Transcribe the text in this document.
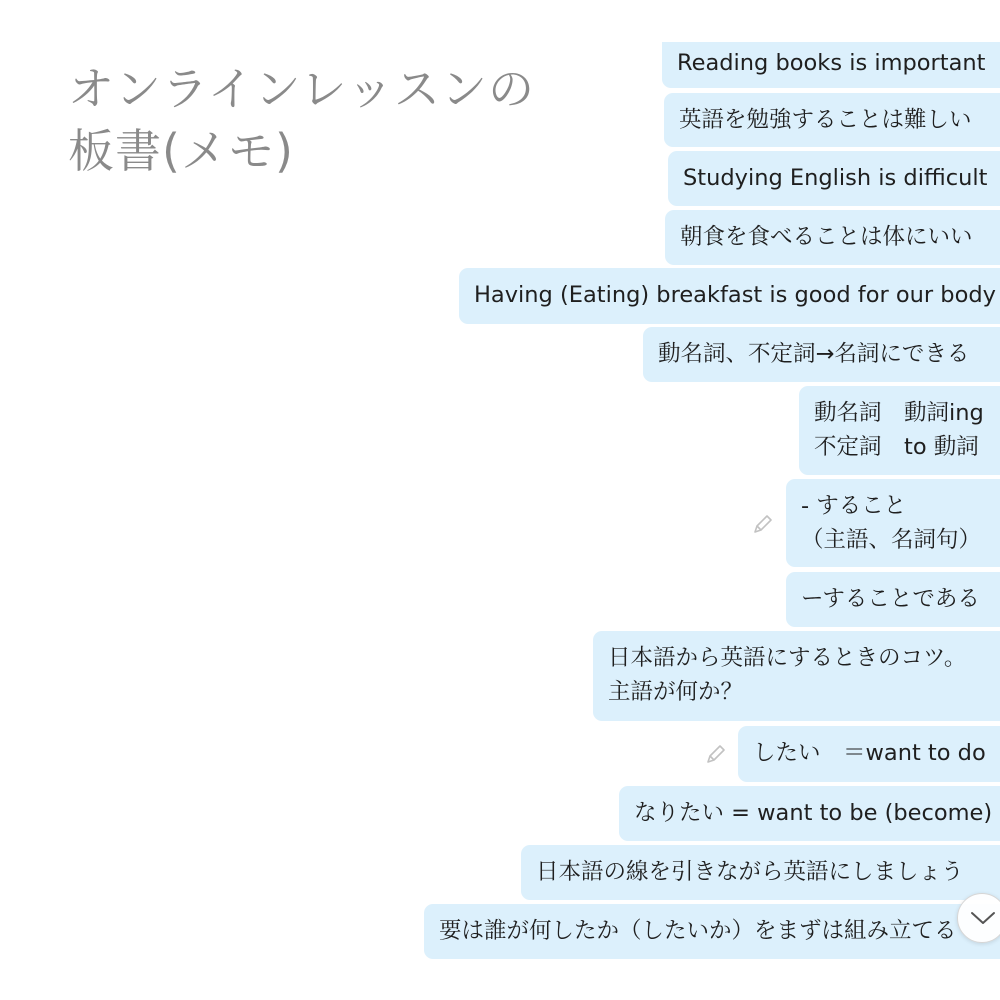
オンラインレッスンの
板書(メモ)
Reading books is important
英語を勉強することは難しい
Studying English is difficult
朝食を食べることは体にいい
Having (Eating) breakfast is good for our body
動名詞、不定詞→名詞にできる
動名詞　動詞ing
不定詞　to 動詞
- すること
（主語、名詞句）
ーすることである
日本語から英語にするときのコツ。
主語が何か？
したい　＝want to do
なりたい = want to be (become)
日本語の線を引きながら英語にしましょう
要は誰が何したか（したいか）をまずは組み立てる
